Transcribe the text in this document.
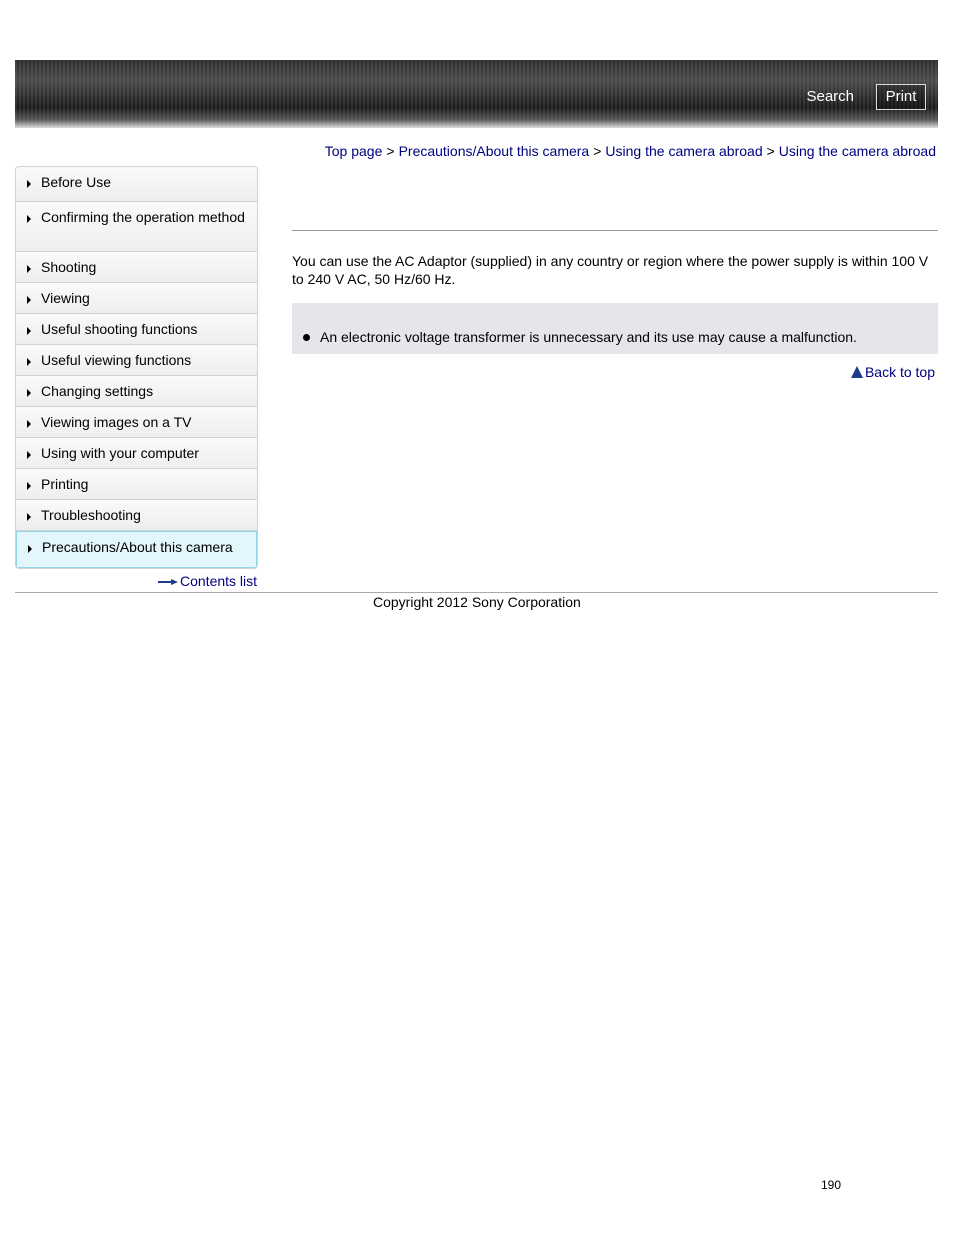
Search	Print
Top page > Precautions/About this camera > Using the camera abroad > Using the camera abroad
Before Use
Confirming the operation method
Shooting
Viewing
Useful shooting functions
Useful viewing functions
Changing settings
Viewing images on a TV
Using with your computer
Printing
Troubleshooting
Precautions/About this camera
Contents list
You can use the AC Adaptor (supplied) in any country or region where the power supply is within 100 V to 240 V AC, 50 Hz/60 Hz.
An electronic voltage transformer is unnecessary and its use may cause a malfunction.
Back to top
Copyright 2012 Sony Corporation
190
